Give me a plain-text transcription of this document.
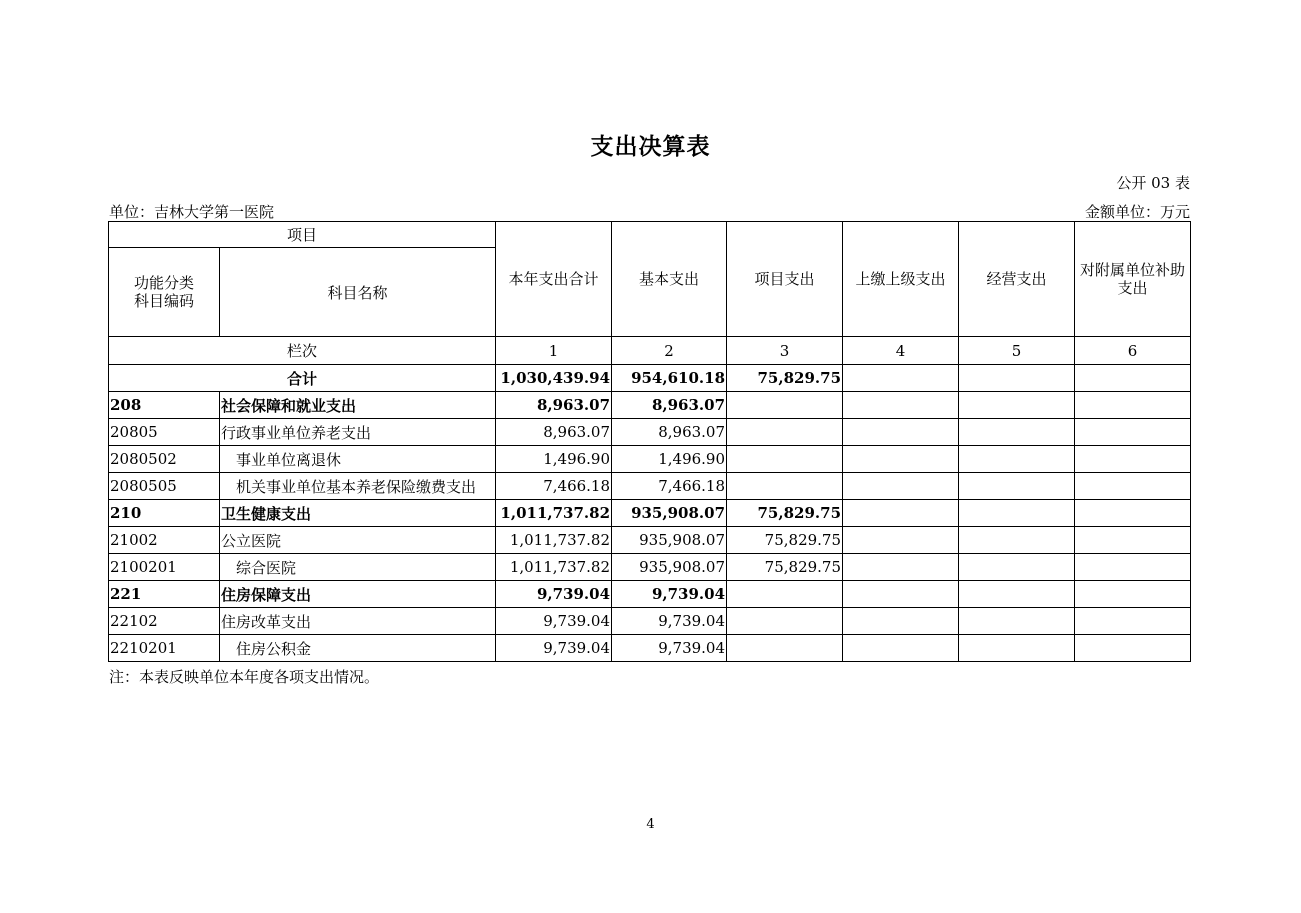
支出决算表
公开 03 表
单位：吉林大学第一医院	金额单位：万元
项目		本年支出合计	基本支出	项目支出	上缴上级支出	经营支出	对附属单位补助支出
功能分类科目编码	科目名称						
栏次		1	2	3	4	5	6
合计		1,030,439.94	954,610.18	75,829.75			
208	社会保障和就业支出	8,963.07	8,963.07				
20805	行政事业单位养老支出	8,963.07	8,963.07				
2080502	事业单位离退休	1,496.90	1,496.90				
2080505	机关事业单位基本养老保险缴费支出	7,466.18	7,466.18				
210	卫生健康支出	1,011,737.82	935,908.07	75,829.75			
21002	公立医院	1,011,737.82	935,908.07	75,829.75			
2100201	综合医院	1,011,737.82	935,908.07	75,829.75			
221	住房保障支出	9,739.04	9,739.04				
22102	住房改革支出	9,739.04	9,739.04				
2210201	住房公积金	9,739.04	9,739.04				
注：本表反映单位本年度各项支出情况。
4
